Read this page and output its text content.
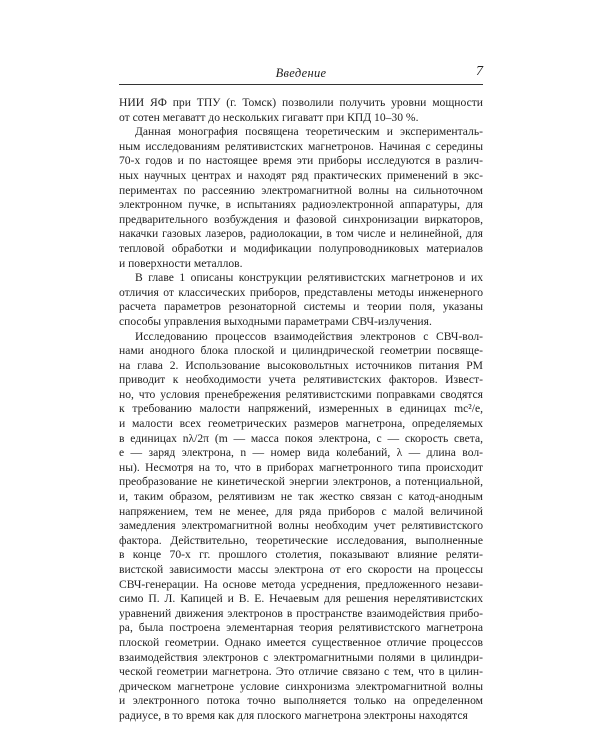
Введение	7

НИИ ЯФ при ТПУ (г. Томск) позволили получить уровни мощности
от сотен мегаватт до нескольких гигаватт при КПД 10–30 %.

Данная монография посвящена теоретическим и эксперименталь-
ным исследованиям релятивистских магнетронов. Начиная с середины
70-х годов и по настоящее время эти приборы исследуются в различ-
ных научных центрах и находят ряд практических применений в экс-
периментах по рассеянию электромагнитной волны на сильноточном
электронном пучке, в испытаниях радиоэлектронной аппаратуры, для
предварительного возбуждения и фазовой синхронизации виркаторов,
накачки газовых лазеров, радиолокации, в том числе и нелинейной, для
тепловой обработки и модификации полупроводниковых материалов
и поверхности металлов.

В главе 1 описаны конструкции релятивистских магнетронов и их
отличия от классических приборов, представлены методы инженерного
расчета параметров резонаторной системы и теории поля, указаны
способы управления выходными параметрами СВЧ-излучения.

Исследованию процессов взаимодействия электронов с СВЧ-вол-
нами анодного блока плоской и цилиндрической геометрии посвяще-
на глава 2. Использование высоковольтных источников питания РМ
приводит к необходимости учета релятивистских факторов. Извест-
но, что условия пренебрежения релятивистскими поправками сводятся
к требованию малости напряжений, измеренных в единицах mc²/e,
и малости всех геометрических размеров магнетрона, определяемых
в единицах nλ/2π (m — масса покоя электрона, c — скорость света,
e — заряд электрона, n — номер вида колебаний, λ — длина вол-
ны). Несмотря на то, что в приборах магнетронного типа происходит
преобразование не кинетической энергии электронов, а потенциальной,
и, таким образом, релятивизм не так жестко связан с катод-анодным
напряжением, тем не менее, для ряда приборов с малой величиной
замедления электромагнитной волны необходим учет релятивистского
фактора. Действительно, теоретические исследования, выполненные
в конце 70-х гг. прошлого столетия, показывают влияние реляти-
вистской зависимости массы электрона от его скорости на процессы
СВЧ-генерации. На основе метода усреднения, предложенного незави-
симо П. Л. Капицей и В. Е. Нечаевым для решения нерелятивистских
уравнений движения электронов в пространстве взаимодействия прибо-
ра, была построена элементарная теория релятивистского магнетрона
плоской геометрии. Однако имеется существенное отличие процессов
взаимодействия электронов с электромагнитными полями в цилиндри-
ческой геометрии магнетрона. Это отличие связано с тем, что в цилин-
дрическом магнетроне условие синхронизма электромагнитной волны
и электронного потока точно выполняется только на определенном
радиусе, в то время как для плоского магнетрона электроны находятся
